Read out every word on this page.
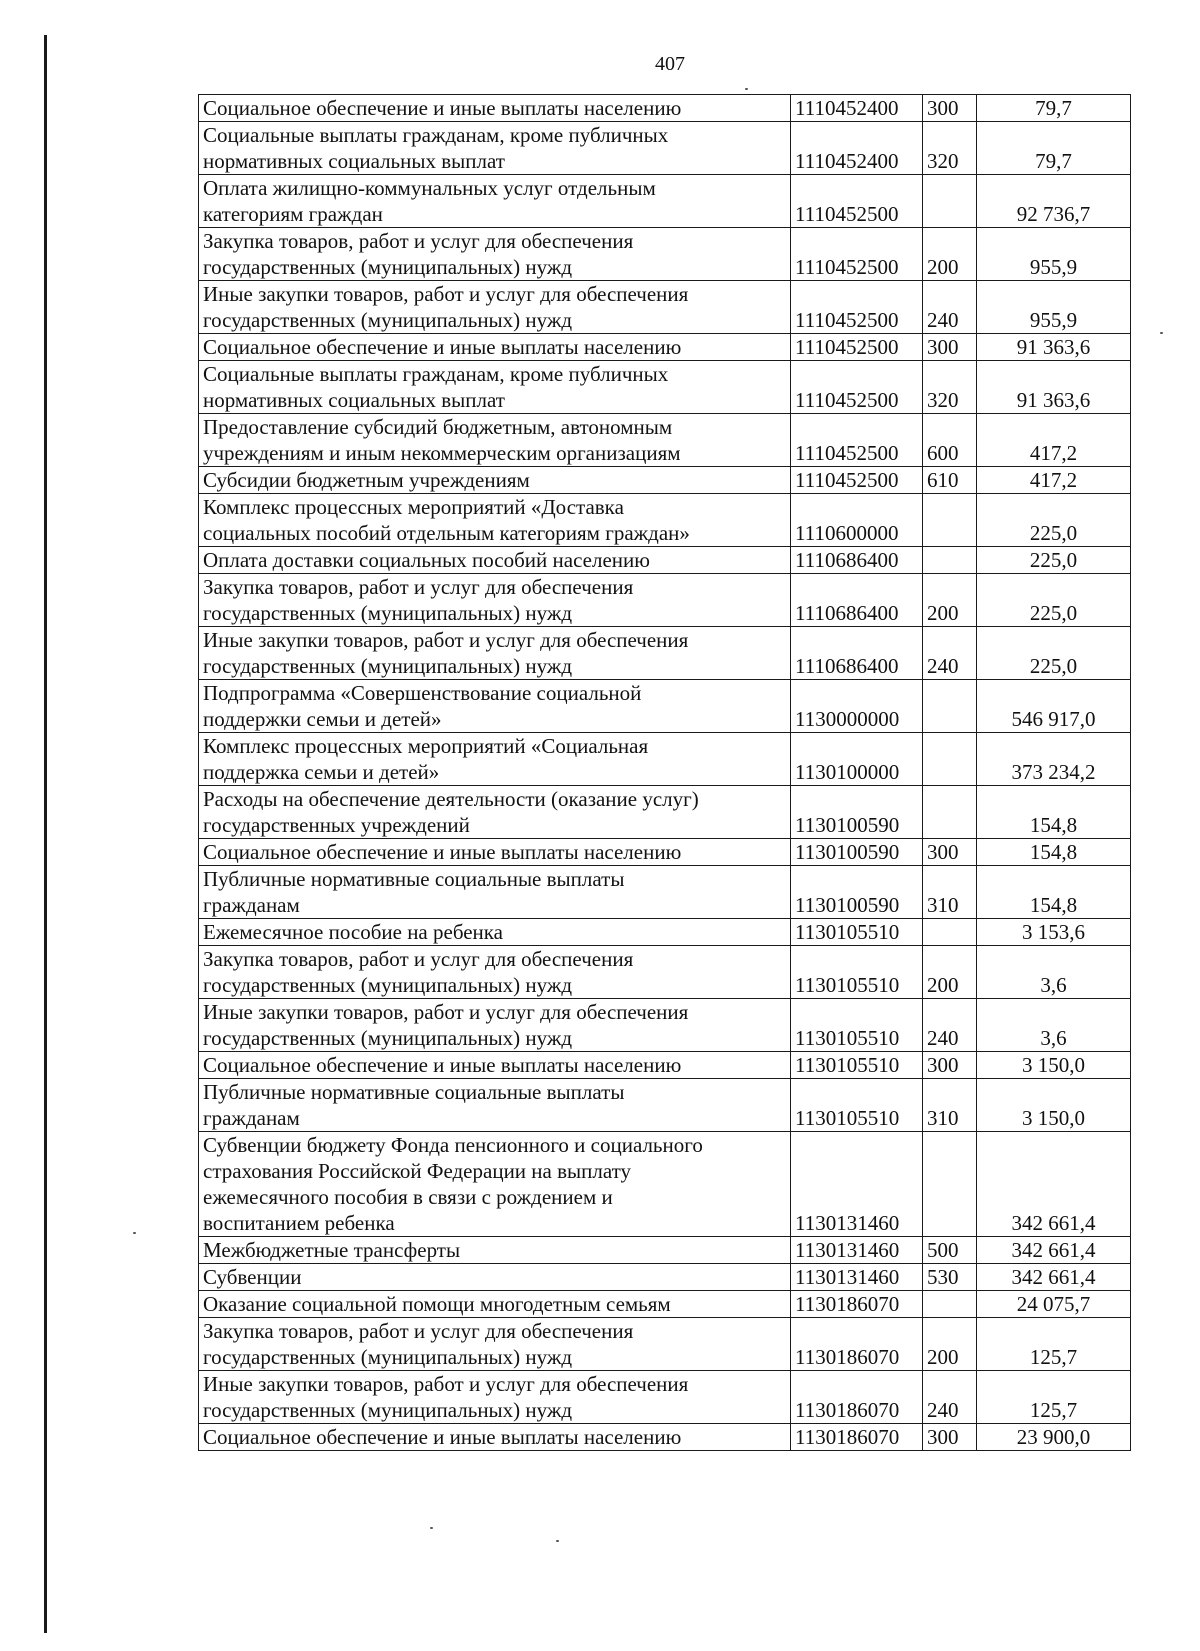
407
Социальное обеспечение и иные выплаты населению	1110452400	300	79,7
Социальные выплаты гражданам, кроме публичных
нормативных социальных выплат	1110452400	320	79,7
Оплата жилищно-коммунальных услуг отдельным
категориям граждан	1110452500		92 736,7
Закупка товаров, работ и услуг для обеспечения
государственных (муниципальных) нужд	1110452500	200	955,9
Иные закупки товаров, работ и услуг для обеспечения
государственных (муниципальных) нужд	1110452500	240	955,9
Социальное обеспечение и иные выплаты населению	1110452500	300	91 363,6
Социальные выплаты гражданам, кроме публичных
нормативных социальных выплат	1110452500	320	91 363,6
Предоставление субсидий бюджетным, автономным
учреждениям и иным некоммерческим организациям	1110452500	600	417,2
Субсидии бюджетным учреждениям	1110452500	610	417,2
Комплекс процессных мероприятий «Доставка
социальных пособий отдельным категориям граждан»	1110600000		225,0
Оплата доставки социальных пособий населению	1110686400		225,0
Закупка товаров, работ и услуг для обеспечения
государственных (муниципальных) нужд	1110686400	200	225,0
Иные закупки товаров, работ и услуг для обеспечения
государственных (муниципальных) нужд	1110686400	240	225,0
Подпрограмма «Совершенствование социальной
поддержки семьи и детей»	1130000000		546 917,0
Комплекс процессных мероприятий «Социальная
поддержка семьи и детей»	1130100000		373 234,2
Расходы на обеспечение деятельности (оказание услуг)
государственных учреждений	1130100590		154,8
Социальное обеспечение и иные выплаты населению	1130100590	300	154,8
Публичные нормативные социальные выплаты
гражданам	1130100590	310	154,8
Ежемесячное пособие на ребенка	1130105510		3 153,6
Закупка товаров, работ и услуг для обеспечения
государственных (муниципальных) нужд	1130105510	200	3,6
Иные закупки товаров, работ и услуг для обеспечения
государственных (муниципальных) нужд	1130105510	240	3,6
Социальное обеспечение и иные выплаты населению	1130105510	300	3 150,0
Публичные нормативные социальные выплаты
гражданам	1130105510	310	3 150,0
Субвенции бюджету Фонда пенсионного и социального
страхования Российской Федерации на выплату
ежемесячного пособия в связи с рождением и
воспитанием ребенка	1130131460		342 661,4
Межбюджетные трансферты	1130131460	500	342 661,4
Субвенции	1130131460	530	342 661,4
Оказание социальной помощи многодетным семьям	1130186070		24 075,7
Закупка товаров, работ и услуг для обеспечения
государственных (муниципальных) нужд	1130186070	200	125,7
Иные закупки товаров, работ и услуг для обеспечения
государственных (муниципальных) нужд	1130186070	240	125,7
Социальное обеспечение и иные выплаты населению	1130186070	300	23 900,0
